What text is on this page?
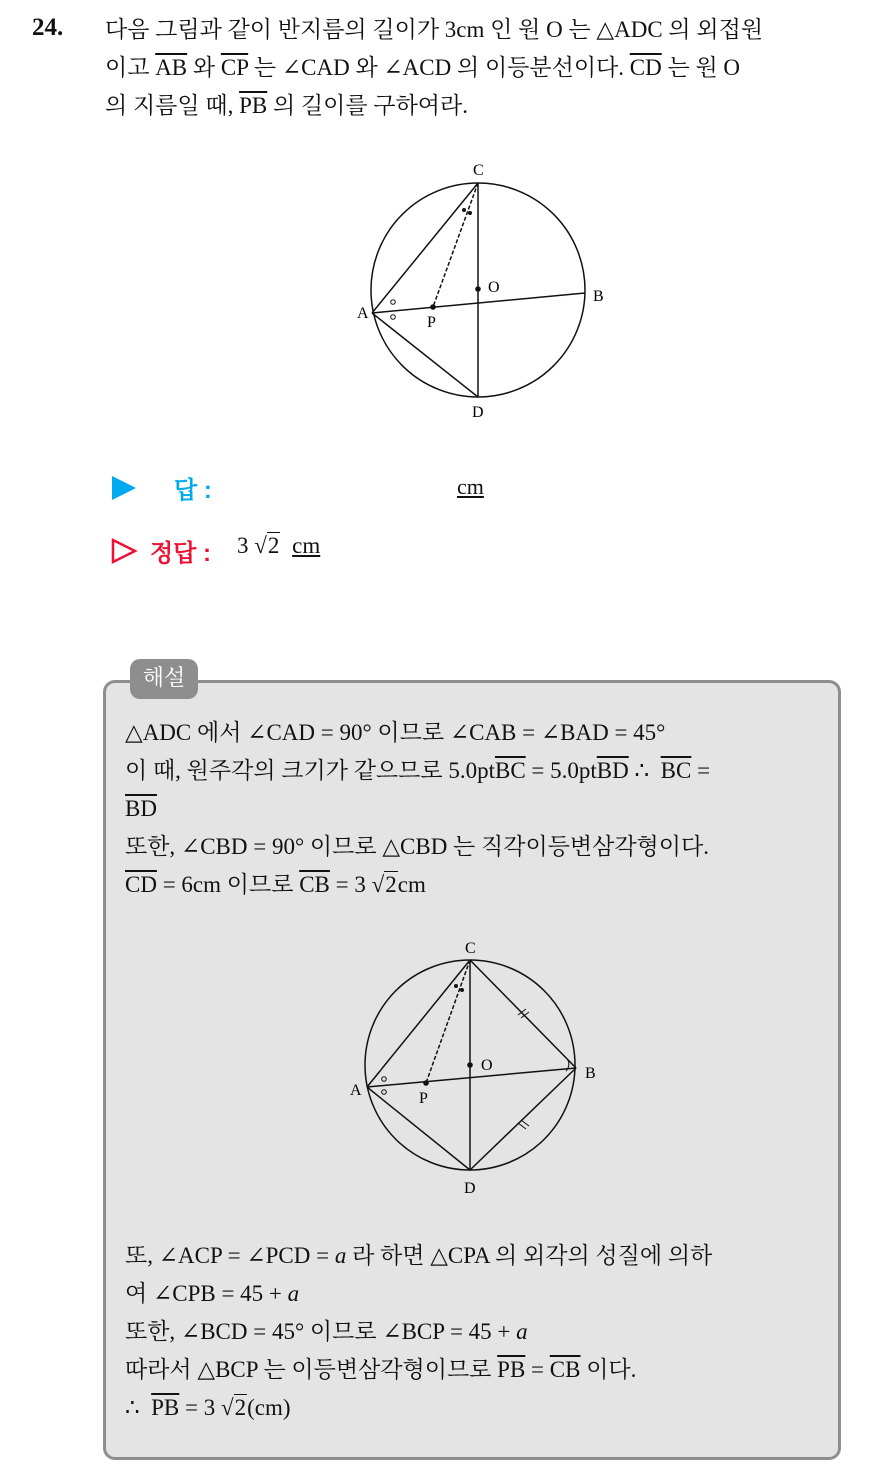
24. 다음 그림과 같이 반지름의 길이가 3cm 인 원 O 는 △ADC 의 외접원
이고 $\overline{AB}$ 와 $\overline{CP}$ 는 ∠CAD 와 ∠ACD 의 이등분선이다. $\overline{CD}$ 는 원 O
의 지름일 때, $\overline{PB}$ 의 길이를 구하여라.
C
O
B
A
P
D
답 :	cm
정답 : 3 √2 cm
해설
△ADC 에서 ∠CAD = 90° 이므로 ∠CAB = ∠BAD = 45°
이 때, 원주각의 크기가 같으므로 $5.0pt\overline{BC} = 5.0pt\overline{BD}$ ∴  $\overline{BC}$ =
$\overline{BD}$
또한, ∠CBD = 90° 이므로 △CBD 는 직각이등변삼각형이다.
$\overline{CD} = 6cm$ 이므로 $\overline{CB} = 3$ √2cm
C
O	B
A	P
D
또, ∠ACP = ∠PCD = a 라 하면 △CPA 의 외각의 성질에 의하
여 ∠CPB = 45 + a
또한, ∠BCD = 45° 이므로 ∠BCP = 45 + a
따라서 △BCP 는 이등변삼각형이므로 $\overline{PB} = \overline{CB}$ 이다.
∴  $\overline{PB} = 3$ √2(cm)
